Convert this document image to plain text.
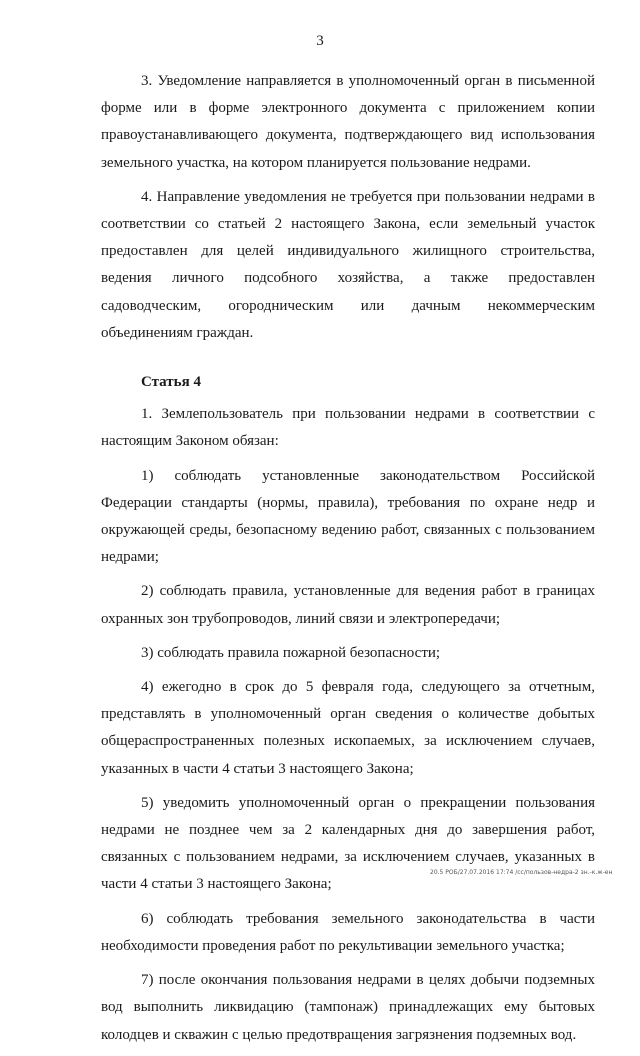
3

3. Уведомление направляется в уполномоченный орган в письменной форме или в форме электронного документа с приложением копии правоустанавливающего документа, подтверждающего вид использования земельного участка, на котором планируется пользование недрами.

4. Направление уведомления не требуется при пользовании недрами в соответствии со статьей 2 настоящего Закона, если земельный участок предоставлен для целей индивидуального жилищного строительства, ведения личного подсобного хозяйства, а также предоставлен садоводческим, огородническим или дачным некоммерческим объединениям граждан.

Статья 4

1. Землепользователь при пользовании недрами в соответствии с настоящим Законом обязан:

1) соблюдать установленные законодательством Российской Федерации стандарты (нормы, правила), требования по охране недр и окружающей среды, безопасному ведению работ, связанных с пользованием недрами;

2) соблюдать правила, установленные для ведения работ в границах охранных зон трубопроводов, линий связи и электропередачи;

3) соблюдать правила пожарной безопасности;

4) ежегодно в срок до 5 февраля года, следующего за отчетным, представлять в уполномоченный орган сведения о количестве добытых общераспространенных полезных ископаемых, за исключением случаев, указанных в части 4 статьи 3 настоящего Закона;

5) уведомить уполномоченный орган о прекращении пользования недрами не позднее чем за 2 календарных дня до завершения работ, связанных с пользованием недрами, за исключением случаев, указанных в части 4 статьи 3 настоящего Закона;

6) соблюдать требования земельного законодательства в части необходимости проведения работ по рекультивации земельного участка;

7) после окончания пользования недрами в целях добычи подземных вод выполнить ликвидацию (тампонаж) принадлежащих ему бытовых колодцев и скважин с целью предотвращения загрязнения подземных вод.

20.5 РОБ/27.07.2016 17:74 /сс/пользов-недра-2 зн.-к.ж-ен
